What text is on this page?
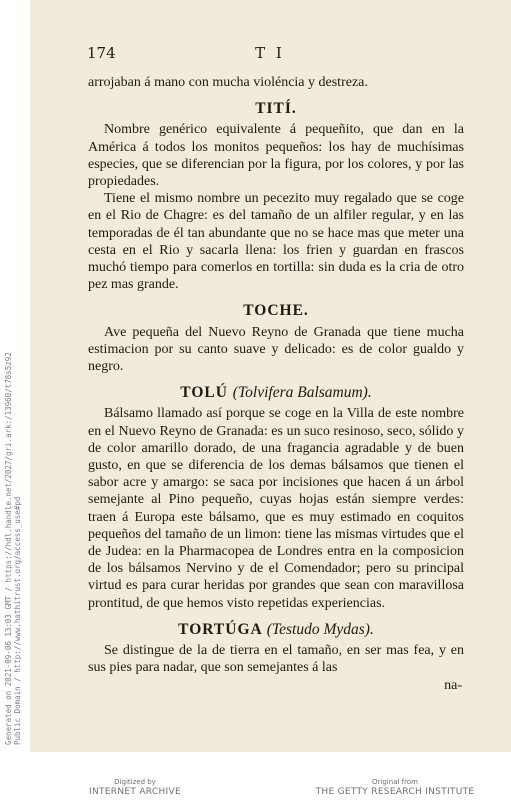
Generated on 2021-09-06 13:03 GMT / https://hdl.handle.net/2027/gri.ark:/13960/t78s5z92 Public Domain / http://www.hathitrust.org/access_use#pd
174	T I

arrojaban á mano con mucha violéncia y destreza.

TITÍ.

Nombre genérico equivalente á pequeñito, que dan en la América á todos los monitos pequeños: los hay de muchísimas especies, que se diferencian por la figura, por los colores, y por las propiedades.

Tiene el mismo nombre un pecezito muy regalado que se coge en el Rio de Chagre: es del tamaño de un alfiler regular, y en las temporadas de él tan abundante que no se hace mas que meter una cesta en el Rio y sacarla llena: los frien y guardan en frascos muchó tiempo para comerlos en tortilla: sin duda es la cria de otro pez mas grande.

TOCHE.

Ave pequeña del Nuevo Reyno de Granada que tiene mucha estimacion por su canto suave y delicado: es de color gualdo y negro.

TOLÚ (Tolvifera Balsamum).

Bálsamo llamado así porque se coge en la Villa de este nombre en el Nuevo Reyno de Granada: es un suco resinoso, seco, sólido y de color amarillo dorado, de una fragancia agradable y de buen gusto, en que se diferencia de los demas bálsamos que tienen el sabor acre y amargo: se saca por incisiones que hacen á un árbol semejante al Pino pequeño, cuyas hojas están siempre verdes: traen á Europa este bálsamo, que es muy estimado en coquitos pequeños del tamaño de un limon: tiene las mismas virtudes que el de Judea: en la Pharmacopea de Londres entra en la composicion de los bálsamos Nervino y de el Comendador; pero su principal virtud es para curar heridas por grandes que sean con maravillosa prontitud, de que hemos visto repetidas experiencias.

TORTÚGA (Testudo Mydas).

Se distingue de la de tierra en el tamaño, en ser mas fea, y en sus pies para nadar, que son semejantes á las

na-
Digitized by
INTERNET ARCHIVE
Original from
THE GETTY RESEARCH INSTITUTE
